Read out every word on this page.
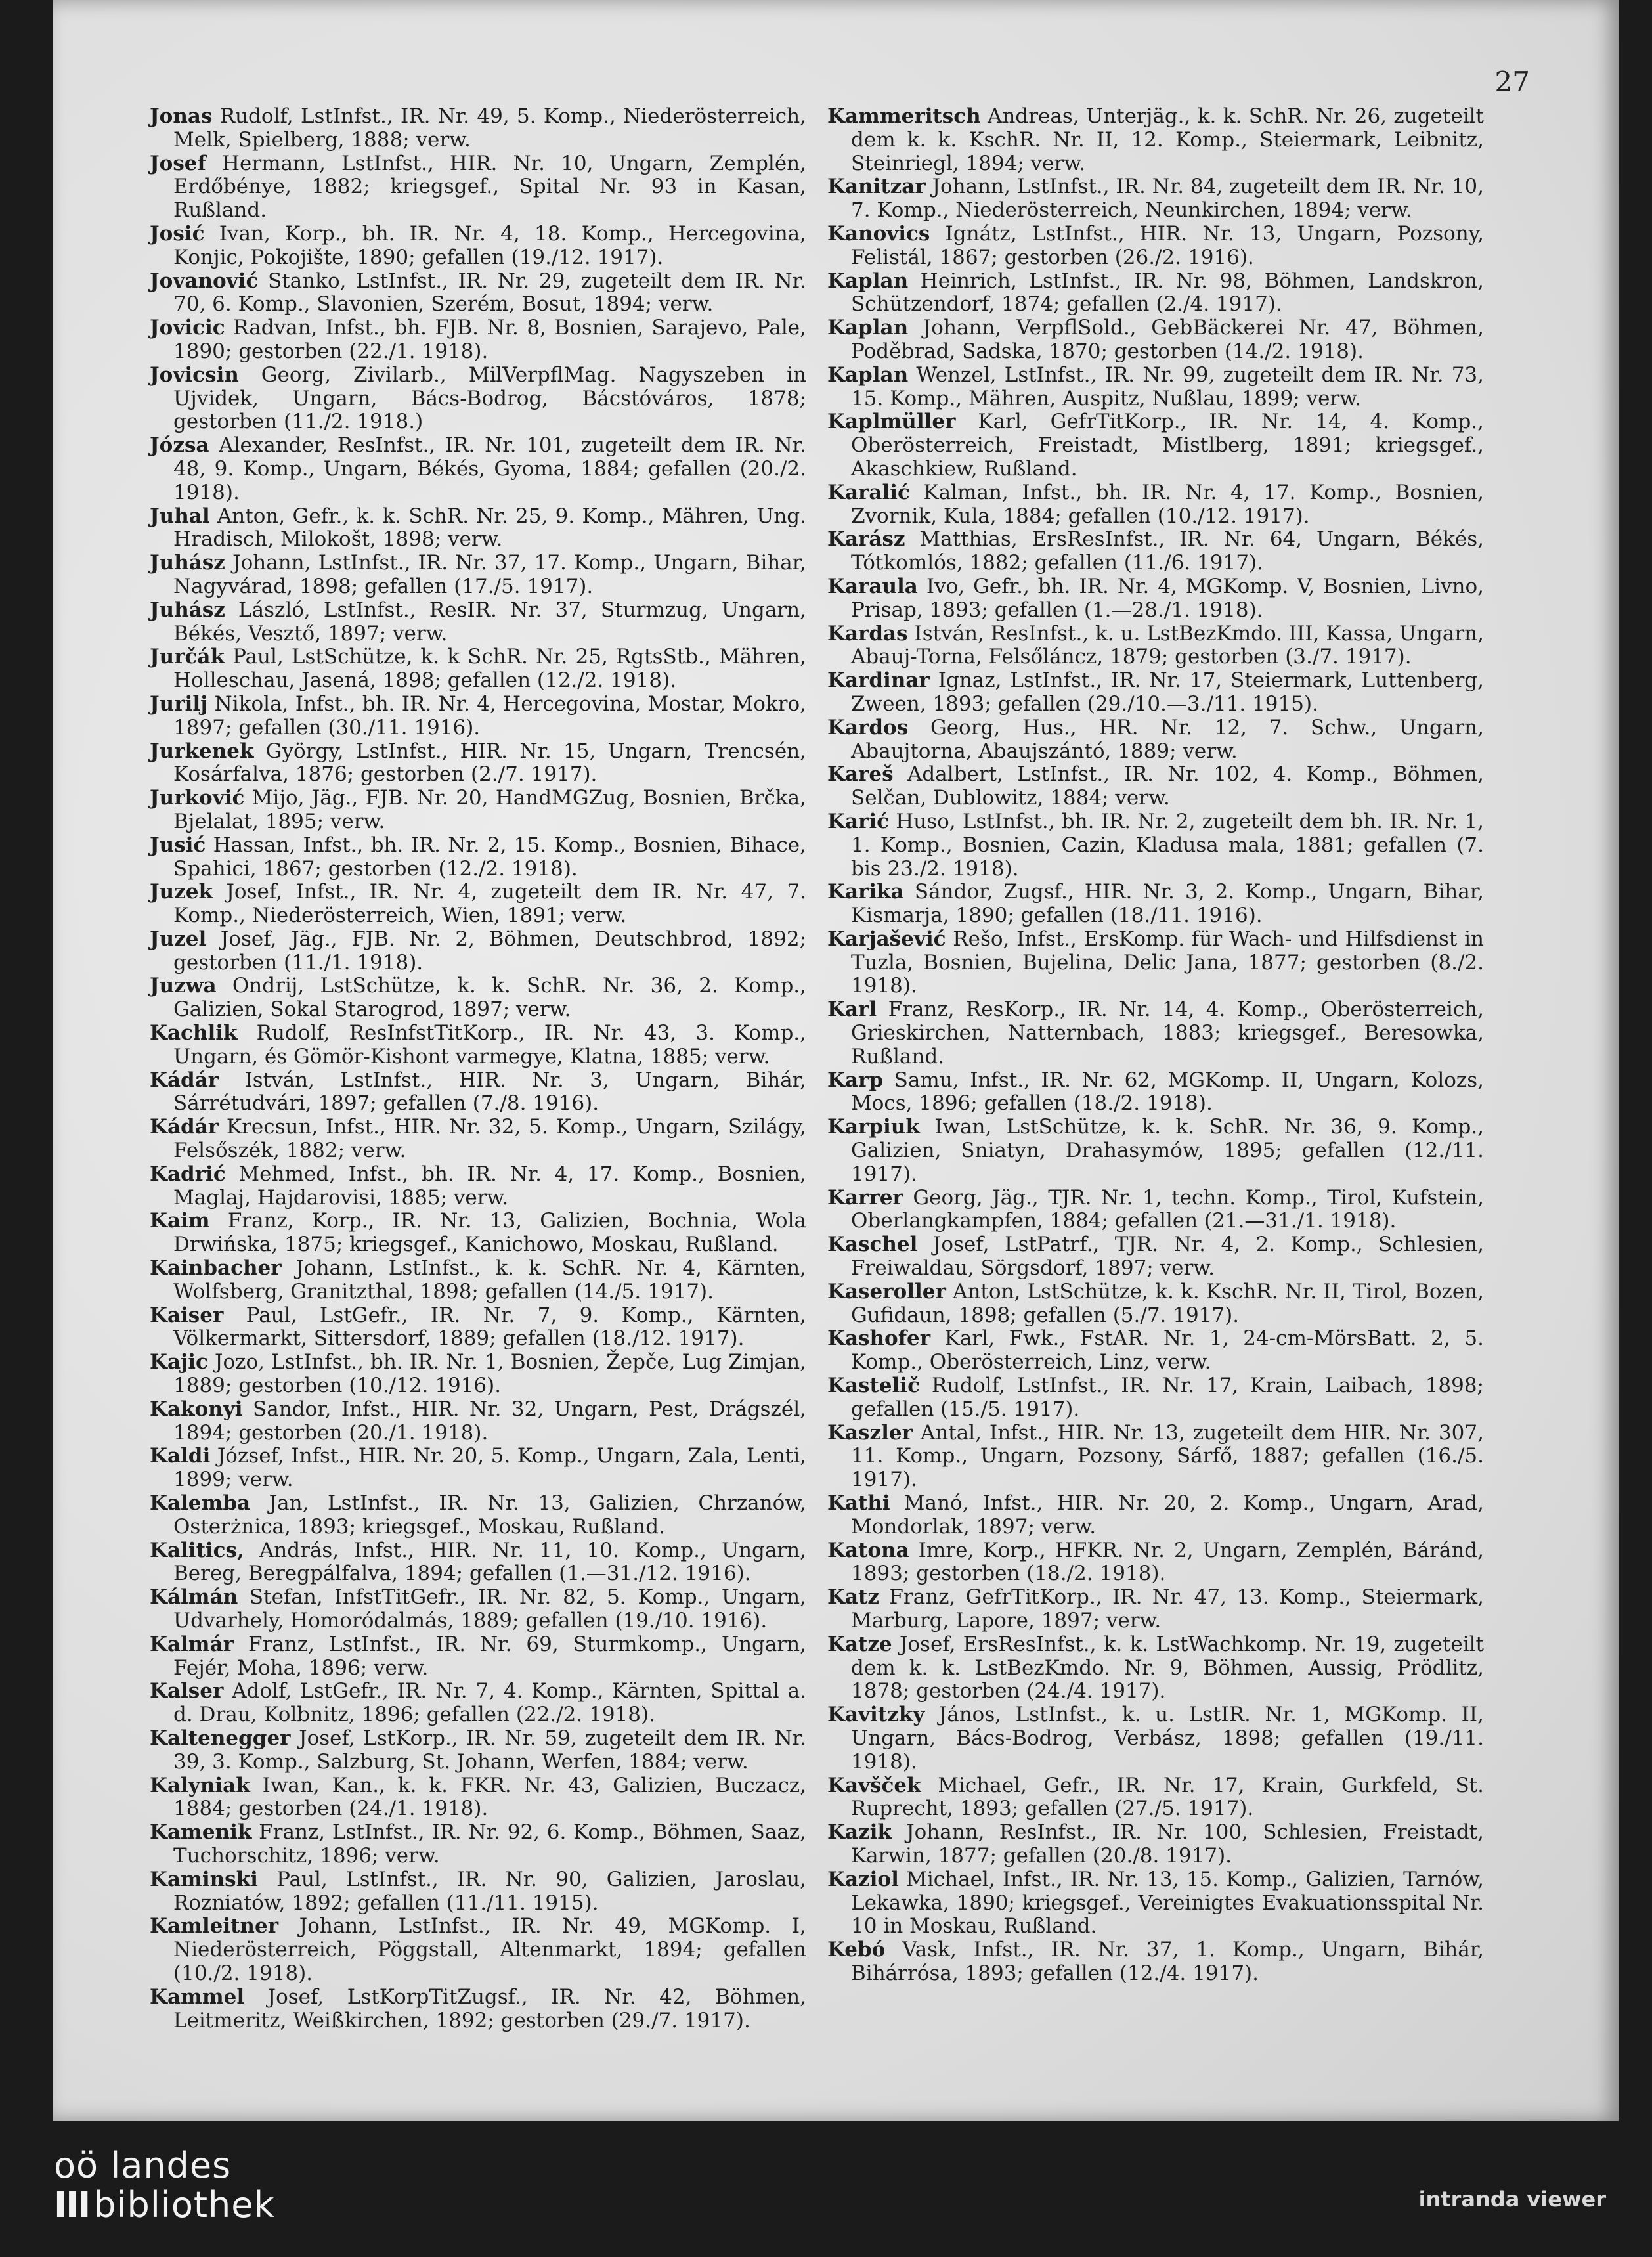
27
Jonas Rudolf, LstInfst., IR. Nr. 49, 5. Komp., Niederösterreich, Melk, Spielberg, 1888; verw.
Josef Hermann, LstInfst., HIR. Nr. 10, Ungarn, Zemplén, Erdőbénye, 1882; kriegsgef., Spital Nr. 93 in Kasan, Rußland.
Josić Ivan, Korp., bh. IR. Nr. 4, 18. Komp., Hercegovina, Konjic, Pokojište, 1890; gefallen (19./12. 1917).
Jovanović Stanko, LstInfst., IR. Nr. 29, zugeteilt dem IR. Nr. 70, 6. Komp., Slavonien, Szerém, Bosut, 1894; verw.
Jovicic Radvan, Infst., bh. FJB. Nr. 8, Bosnien, Sarajevo, Pale, 1890; gestorben (22./1. 1918).
Jovicsin Georg, Zivilarb., MilVerpflMag. Nagyszeben in Ujvidek, Ungarn, Bács-Bodrog, Bácstóváros, 1878; gestorben (11./2. 1918.)
Józsa Alexander, ResInfst., IR. Nr. 101, zugeteilt dem IR. Nr. 48, 9. Komp., Ungarn, Békés, Gyoma, 1884; gefallen (20./2. 1918).
Juhal Anton, Gefr., k. k. SchR. Nr. 25, 9. Komp., Mähren, Ung. Hradisch, Milokošt, 1898; verw.
Juhász Johann, LstInfst., IR. Nr. 37, 17. Komp., Ungarn, Bihar, Nagyvárad, 1898; gefallen (17./5. 1917).
Juhász László, LstInfst., ResIR. Nr. 37, Sturmzug, Ungarn, Békés, Vesztő, 1897; verw.
Jurčák Paul, LstSchütze, k. k SchR. Nr. 25, RgtsStb., Mähren, Holleschau, Jasená, 1898; gefallen (12./2. 1918).
Jurilj Nikola, Infst., bh. IR. Nr. 4, Hercegovina, Mostar, Mokro, 1897; gefallen (30./11. 1916).
Jurkenek György, LstInfst., HIR. Nr. 15, Ungarn, Trencsén, Kosárfalva, 1876; gestorben (2./7. 1917).
Jurković Mijo, Jäg., FJB. Nr. 20, HandMGZug, Bosnien, Brčka, Bjelalat, 1895; verw.
Jusić Hassan, Infst., bh. IR. Nr. 2, 15. Komp., Bosnien, Bihace, Spahici, 1867; gestorben (12./2. 1918).
Juzek Josef, Infst., IR. Nr. 4, zugeteilt dem IR. Nr. 47, 7. Komp., Niederösterreich, Wien, 1891; verw.
Juzel Josef, Jäg., FJB. Nr. 2, Böhmen, Deutschbrod, 1892; gestorben (11./1. 1918).
Juzwa Ondrij, LstSchütze, k. k. SchR. Nr. 36, 2. Komp., Galizien, Sokal Starogrod, 1897; verw.
Kachlik Rudolf, ResInfstTitKorp., IR. Nr. 43, 3. Komp., Ungarn, és Gömör-Kishont varmegye, Klatna, 1885; verw.
Kádár István, LstInfst., HIR. Nr. 3, Ungarn, Bihár, Sárrétudvári, 1897; gefallen (7./8. 1916).
Kádár Krecsun, Infst., HIR. Nr. 32, 5. Komp., Ungarn, Szilágy, Felsőszék, 1882; verw.
Kadrić Mehmed, Infst., bh. IR. Nr. 4, 17. Komp., Bosnien, Maglaj, Hajdarovisi, 1885; verw.
Kaim Franz, Korp., IR. Nr. 13, Galizien, Bochnia, Wola Drwińska, 1875; kriegsgef., Kanichowo, Moskau, Rußland.
Kainbacher Johann, LstInfst., k. k. SchR. Nr. 4, Kärnten, Wolfsberg, Granitzthal, 1898; gefallen (14./5. 1917).
Kaiser Paul, LstGefr., IR. Nr. 7, 9. Komp., Kärnten, Völkermarkt, Sittersdorf, 1889; gefallen (18./12. 1917).
Kajic Jozo, LstInfst., bh. IR. Nr. 1, Bosnien, Žepče, Lug Zimjan, 1889; gestorben (10./12. 1916).
Kakonyi Sandor, Infst., HIR. Nr. 32, Ungarn, Pest, Drágszél, 1894; gestorben (20./1. 1918).
Kaldi József, Infst., HIR. Nr. 20, 5. Komp., Ungarn, Zala, Lenti, 1899; verw.
Kalemba Jan, LstInfst., IR. Nr. 13, Galizien, Chrzanów, Osterżnica, 1893; kriegsgef., Moskau, Rußland.
Kalitics, András, Infst., HIR. Nr. 11, 10. Komp., Ungarn, Bereg, Beregpálfalva, 1894; gefallen (1.—31./12. 1916).
Kálmán Stefan, InfstTitGefr., IR. Nr. 82, 5. Komp., Ungarn, Udvarhely, Homoródalmás, 1889; gefallen (19./10. 1916).
Kalmár Franz, LstInfst., IR. Nr. 69, Sturmkomp., Ungarn, Fejér, Moha, 1896; verw.
Kalser Adolf, LstGefr., IR. Nr. 7, 4. Komp., Kärnten, Spittal a. d. Drau, Kolbnitz, 1896; gefallen (22./2. 1918).
Kaltenegger Josef, LstKorp., IR. Nr. 59, zugeteilt dem IR. Nr. 39, 3. Komp., Salzburg, St. Johann, Werfen, 1884; verw.
Kalyniak Iwan, Kan., k. k. FKR. Nr. 43, Galizien, Buczacz, 1884; gestorben (24./1. 1918).
Kamenik Franz, LstInfst., IR. Nr. 92, 6. Komp., Böhmen, Saaz, Tuchorschitz, 1896; verw.
Kaminski Paul, LstInfst., IR. Nr. 90, Galizien, Jaroslau, Rozniatów, 1892; gefallen (11./11. 1915).
Kamleitner Johann, LstInfst., IR. Nr. 49, MGKomp. I, Niederösterreich, Pöggstall, Altenmarkt, 1894; gefallen (10./2. 1918).
Kammel Josef, LstKorpTitZugsf., IR. Nr. 42, Böhmen, Leitmeritz, Weißkirchen, 1892; gestorben (29./7. 1917).
Kammeritsch Andreas, Unterjäg., k. k. SchR. Nr. 26, zugeteilt dem k. k. KschR. Nr. II, 12. Komp., Steiermark, Leibnitz, Steinriegl, 1894; verw.
Kanitzar Johann, LstInfst., IR. Nr. 84, zugeteilt dem IR. Nr. 10, 7. Komp., Niederösterreich, Neunkirchen, 1894; verw.
Kanovics Ignátz, LstInfst., HIR. Nr. 13, Ungarn, Pozsony, Felistál, 1867; gestorben (26./2. 1916).
Kaplan Heinrich, LstInfst., IR. Nr. 98, Böhmen, Landskron, Schützendorf, 1874; gefallen (2./4. 1917).
Kaplan Johann, VerpflSold., GebBäckerei Nr. 47, Böhmen, Poděbrad, Sadska, 1870; gestorben (14./2. 1918).
Kaplan Wenzel, LstInfst., IR. Nr. 99, zugeteilt dem IR. Nr. 73, 15. Komp., Mähren, Auspitz, Nußlau, 1899; verw.
Kaplmüller Karl, GefrTitKorp., IR. Nr. 14, 4. Komp., Oberösterreich, Freistadt, Mistlberg, 1891; kriegsgef., Akaschkiew, Rußland.
Karalić Kalman, Infst., bh. IR. Nr. 4, 17. Komp., Bosnien, Zvornik, Kula, 1884; gefallen (10./12. 1917).
Karász Matthias, ErsResInfst., IR. Nr. 64, Ungarn, Békés, Tótkomlós, 1882; gefallen (11./6. 1917).
Karaula Ivo, Gefr., bh. IR. Nr. 4, MGKomp. V, Bosnien, Livno, Prisap, 1893; gefallen (1.—28./1. 1918).
Kardas István, ResInfst., k. u. LstBezKmdo. III, Kassa, Ungarn, Abauj-Torna, Felsőláncz, 1879; gestorben (3./7. 1917).
Kardinar Ignaz, LstInfst., IR. Nr. 17, Steiermark, Luttenberg, Zween, 1893; gefallen (29./10.—3./11. 1915).
Kardos Georg, Hus., HR. Nr. 12, 7. Schw., Ungarn, Abaujtorna, Abaujszántó, 1889; verw.
Kareš Adalbert, LstInfst., IR. Nr. 102, 4. Komp., Böhmen, Selčan, Dublowitz, 1884; verw.
Karić Huso, LstInfst., bh. IR. Nr. 2, zugeteilt dem bh. IR. Nr. 1, 1. Komp., Bosnien, Cazin, Kladusa mala, 1881; gefallen (7. bis 23./2. 1918).
Karika Sándor, Zugsf., HIR. Nr. 3, 2. Komp., Ungarn, Bihar, Kismarja, 1890; gefallen (18./11. 1916).
Karjašević Rešo, Infst., ErsKomp. für Wach- und Hilfsdienst in Tuzla, Bosnien, Bujelina, Delic Jana, 1877; gestorben (8./2. 1918).
Karl Franz, ResKorp., IR. Nr. 14, 4. Komp., Oberösterreich, Grieskirchen, Natternbach, 1883; kriegsgef., Beresowka, Rußland.
Karp Samu, Infst., IR. Nr. 62, MGKomp. II, Ungarn, Kolozs, Mocs, 1896; gefallen (18./2. 1918).
Karpiuk Iwan, LstSchütze, k. k. SchR. Nr. 36, 9. Komp., Galizien, Sniatyn, Drahasymów, 1895; gefallen (12./11. 1917).
Karrer Georg, Jäg., TJR. Nr. 1, techn. Komp., Tirol, Kufstein, Oberlangkampfen, 1884; gefallen (21.—31./1. 1918).
Kaschel Josef, LstPatrf., TJR. Nr. 4, 2. Komp., Schlesien, Freiwaldau, Sörgsdorf, 1897; verw.
Kaseroller Anton, LstSchütze, k. k. KschR. Nr. II, Tirol, Bozen, Gufidaun, 1898; gefallen (5./7. 1917).
Kashofer Karl, Fwk., FstAR. Nr. 1, 24-cm-MörsBatt. 2, 5. Komp., Oberösterreich, Linz, verw.
Kastelič Rudolf, LstInfst., IR. Nr. 17, Krain, Laibach, 1898; gefallen (15./5. 1917).
Kaszler Antal, Infst., HIR. Nr. 13, zugeteilt dem HIR. Nr. 307, 11. Komp., Ungarn, Pozsony, Sárfő, 1887; gefallen (16./5. 1917).
Kathi Manó, Infst., HIR. Nr. 20, 2. Komp., Ungarn, Arad, Mondorlak, 1897; verw.
Katona Imre, Korp., HFKR. Nr. 2, Ungarn, Zemplén, Báránd, 1893; gestorben (18./2. 1918).
Katz Franz, GefrTitKorp., IR. Nr. 47, 13. Komp., Steiermark, Marburg, Lapore, 1897; verw.
Katze Josef, ErsResInfst., k. k. LstWachkomp. Nr. 19, zugeteilt dem k. k. LstBezKmdo. Nr. 9, Böhmen, Aussig, Prödlitz, 1878; gestorben (24./4. 1917).
Kavitzky János, LstInfst., k. u. LstIR. Nr. 1, MGKomp. II, Ungarn, Bács-Bodrog, Verbász, 1898; gefallen (19./11. 1918).
Kavšček Michael, Gefr., IR. Nr. 17, Krain, Gurkfeld, St. Ruprecht, 1893; gefallen (27./5. 1917).
Kazik Johann, ResInfst., IR. Nr. 100, Schlesien, Freistadt, Karwin, 1877; gefallen (20./8. 1917).
Kaziol Michael, Infst., IR. Nr. 13, 15. Komp., Galizien, Tarnów, Lekawka, 1890; kriegsgef., Vereinigtes Evakuationsspital Nr. 10 in Moskau, Rußland.
Kebó Vask, Infst., IR. Nr. 37, 1. Komp., Ungarn, Bihár, Bihárrósa, 1893; gefallen (12./4. 1917).
oö landes
III bibliothek	intranda viewer
